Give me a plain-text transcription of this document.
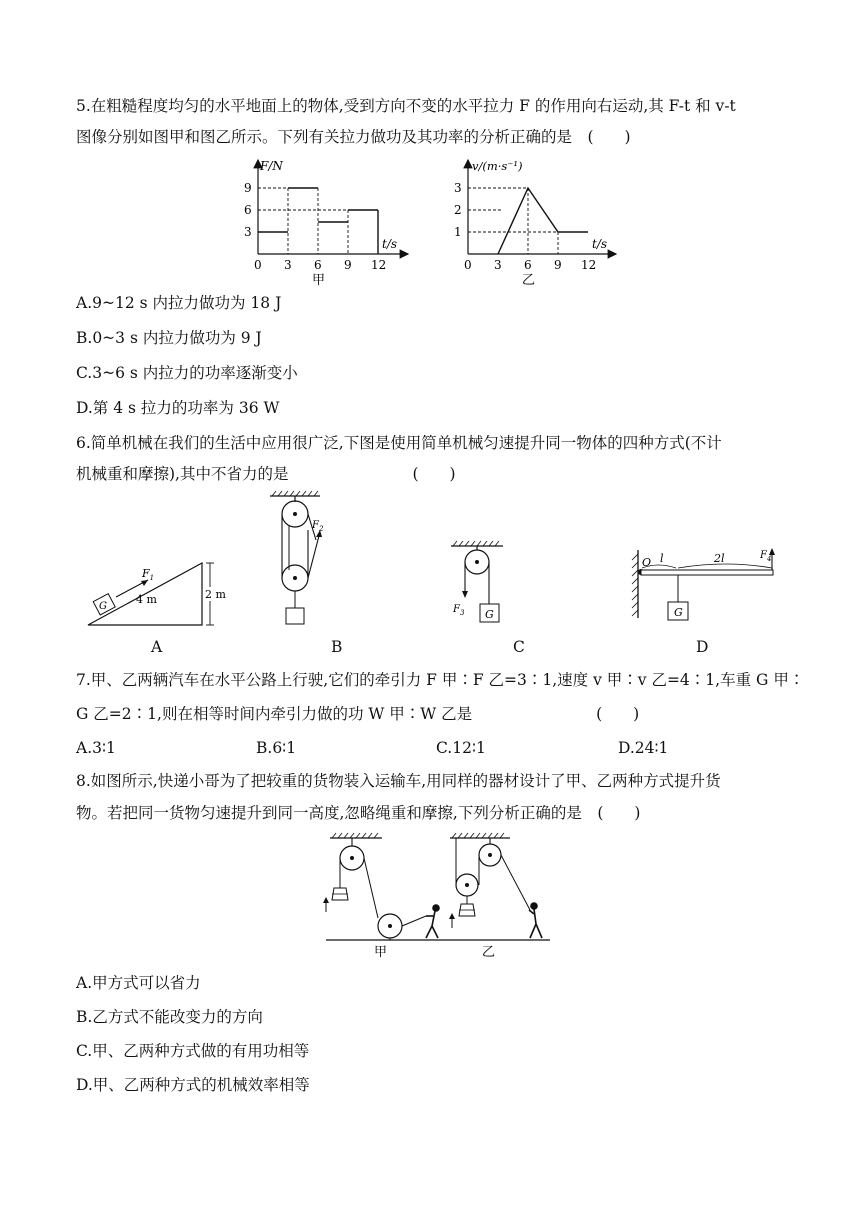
5.在粗糙程度均匀的水平地面上的物体,受到方向不变的水平拉力 F 的作用向右运动,其 F-t 和 v-t
图像分别如图甲和图乙所示。下列有关拉力做功及其功率的分析正确的是　(　　)
F/N
t/s
9
6
3
0 3 6 9 12
甲
v/(m·s⁻¹)
t/s
3
2
1
0 3 6 9 12
乙
A.9~12 s 内拉力做功为 18 J
B.0~3 s 内拉力做功为 9 J
C.3~6 s 内拉力的功率逐渐变小
D.第 4 s 拉力的功率为 36 W
6.简单机械在我们的生活中应用很广泛,下图是使用简单机械匀速提升同一物体的四种方式(不计
机械重和摩擦),其中不省力的是　　　　　　　　(　　)
G
$F_1$
4 m	2 m
A
$F_2$
B
$F_3$ G
C
O l	2l	$F_4$
G
D
7.甲、乙两辆汽车在水平公路上行驶,它们的牵引力 F 甲∶F 乙=3∶1,速度 v 甲∶v 乙=4∶1,车重 G 甲∶
G 乙=2∶1,则在相等时间内牵引力做的功 W 甲∶W 乙是　　　　　　　　(　　)
A.3∶1	B.6∶1	C.12∶1	D.24∶1
8.如图所示,快递小哥为了把较重的货物装入运输车,用同样的器材设计了甲、乙两种方式提升货
物。若把同一货物匀速提升到同一高度,忽略绳重和摩擦,下列分析正确的是　(　　)
甲	乙
A.甲方式可以省力
B.乙方式不能改变力的方向
C.甲、乙两种方式做的有用功相等
D.甲、乙两种方式的机械效率相等
